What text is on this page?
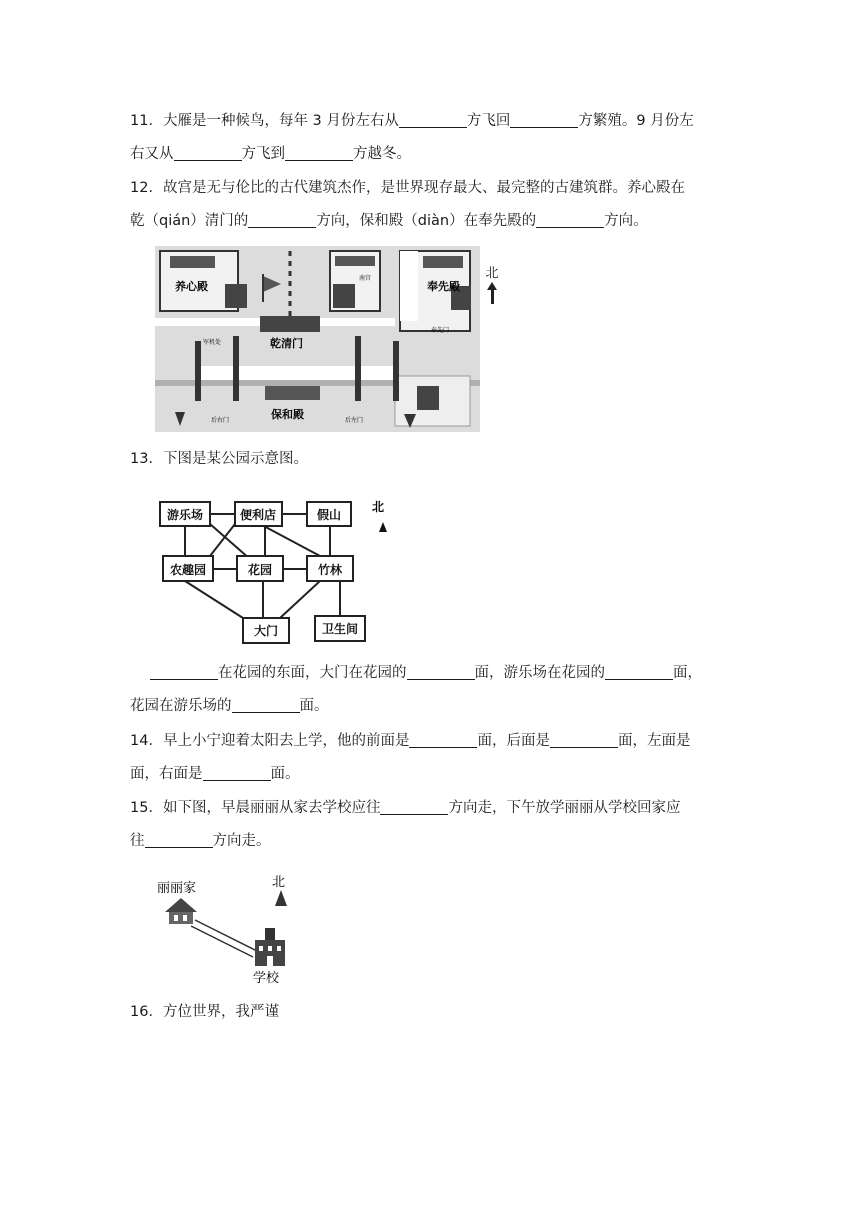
11．大雁是一种候鸟，每年 3 月份左右从	方飞回	方繁殖。9 月份左
右又从	方飞到	方越冬。
12．故宫是无与伦比的古代建筑杰作，是世界现存最大、最完整的古建筑群。养心殿在
乾（qián）清门的	方向，保和殿（diàn）在奉先殿的	方向。
养心殿	奉先殿
乾清门
保和殿
军机处
南宫
后右门	后左门
奉先门
北
13．下图是某公园示意图。
游乐场	便利店	假山
农趣园	花园	竹林
大门	卫生间
北
在花园的东面，大门在花园的	面，游乐场在花园的	面，
花园在游乐场的	面。
14．早上小宁迎着太阳去上学，他的前面是	面，后面是	面，左面是
面，右面是	面。
15．如下图，早晨丽丽从家去学校应往	方向走，下午放学丽丽从学校回家应
往	方向走。
丽丽家	北
学校
16．方位世界，我严谨
